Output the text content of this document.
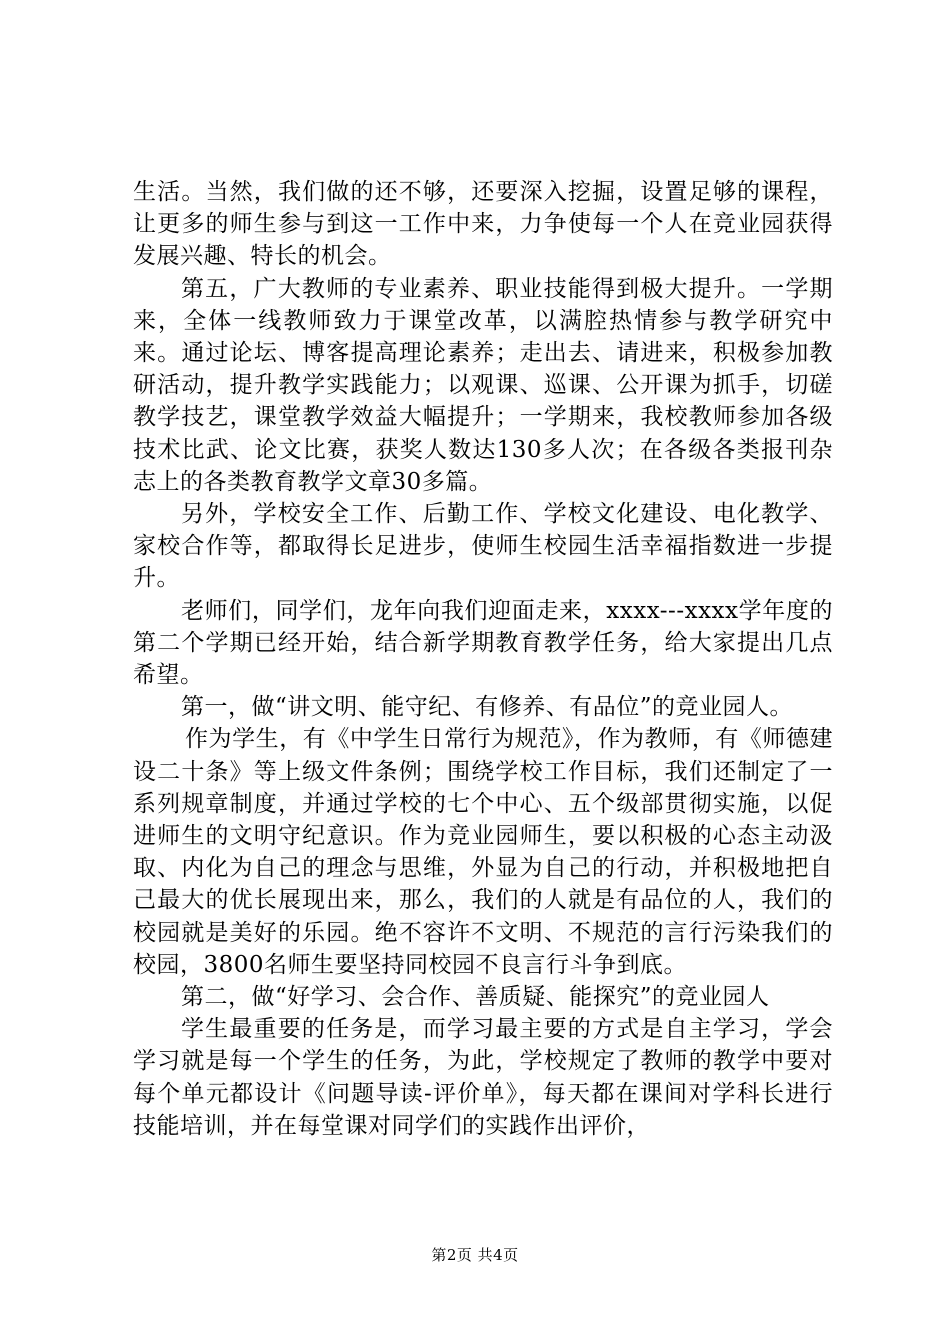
生活。当然，我们做的还不够，还要深入挖掘，设置足够的课程，让更多的师生参与到这一工作中来，力争使每一个人在竞业园获得发展兴趣、特长的机会。

第五，广大教师的专业素养、职业技能得到极大提升。一学期来，全体一线教师致力于课堂改革，以满腔热情参与教学研究中来。通过论坛、博客提高理论素养；走出去、请进来，积极参加教研活动，提升教学实践能力；以观课、巡课、公开课为抓手，切磋教学技艺，课堂教学效益大幅提升；一学期来，我校教师参加各级技术比武、论文比赛，获奖人数达130多人次；在各级各类报刊杂志上的各类教育教学文章30多篇。

另外，学校安全工作、后勤工作、学校文化建设、电化教学、家校合作等，都取得长足进步，使师生校园生活幸福指数进一步提升。

老师们，同学们，龙年向我们迎面走来，xxxx---xxxx学年度的第二个学期已经开始，结合新学期教育教学任务，给大家提出几点希望。

第一，做“讲文明、能守纪、有修养、有品位”的竞业园人。

作为学生，有《中学生日常行为规范》，作为教师，有《师德建设二十条》等上级文件条例；围绕学校工作目标，我们还制定了一系列规章制度，并通过学校的七个中心、五个级部贯彻实施，以促进师生的文明守纪意识。作为竞业园师生，要以积极的心态主动汲取、内化为自己的理念与思维，外显为自己的行动，并积极地把自己最大的优长展现出来，那么，我们的人就是有品位的人，我们的校园就是美好的乐园。绝不容许不文明、不规范的言行污染我们的校园，3800名师生要坚持同校园不良言行斗争到底。

第二，做“好学习、会合作、善质疑、能探究”的竞业园人

学生最重要的任务是，而学习最主要的方式是自主学习，学会学习就是每一个学生的任务，为此，学校规定了教师的教学中要对每个单元都设计《问题导读-评价单》，每天都在课间对学科长进行技能培训，并在每堂课对同学们的实践作出评价，

第2页 共4页
